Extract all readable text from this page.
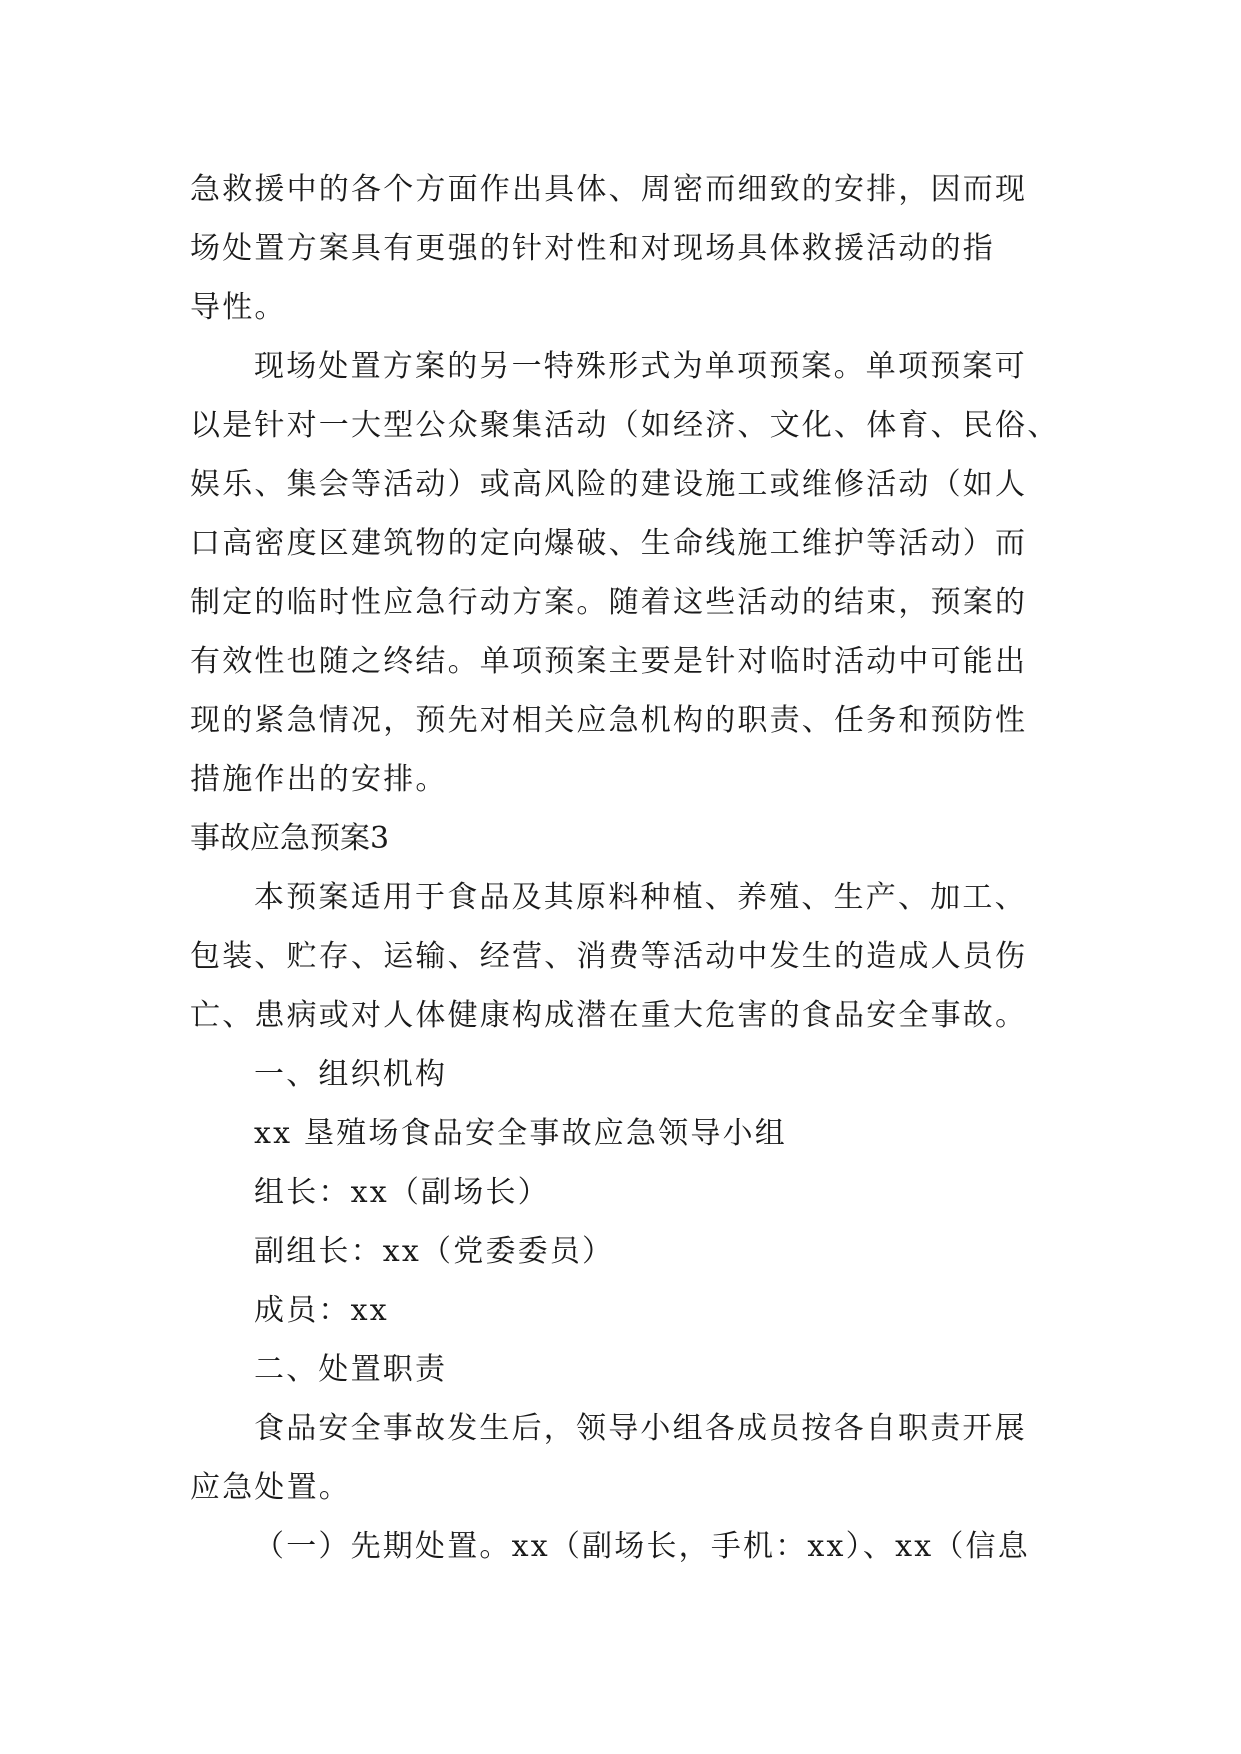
急救援中的各个方面作出具体、周密而细致的安排，因而现
场处置方案具有更强的针对性和对现场具体救援活动的指
导性。
现场处置方案的另一特殊形式为单项预案。单项预案可
以是针对一大型公众聚集活动（如经济、文化、体育、民俗、
娱乐、集会等活动）或高风险的建设施工或维修活动（如人
口高密度区建筑物的定向爆破、生命线施工维护等活动）而
制定的临时性应急行动方案。随着这些活动的结束，预案的
有效性也随之终结。单项预案主要是针对临时活动中可能出
现的紧急情况，预先对相关应急机构的职责、任务和预防性
措施作出的安排。
事故应急预案3
本预案适用于食品及其原料种植、养殖、生产、加工、
包装、贮存、运输、经营、消费等活动中发生的造成人员伤
亡、患病或对人体健康构成潜在重大危害的食品安全事故。
一、组织机构
xx 垦殖场食品安全事故应急领导小组
组长：xx（副场长）
副组长：xx（党委委员）
成员：xx
二、处置职责
食品安全事故发生后，领导小组各成员按各自职责开展
应急处置。
（一）先期处置。xx（副场长，手机：xx）、xx（信息
